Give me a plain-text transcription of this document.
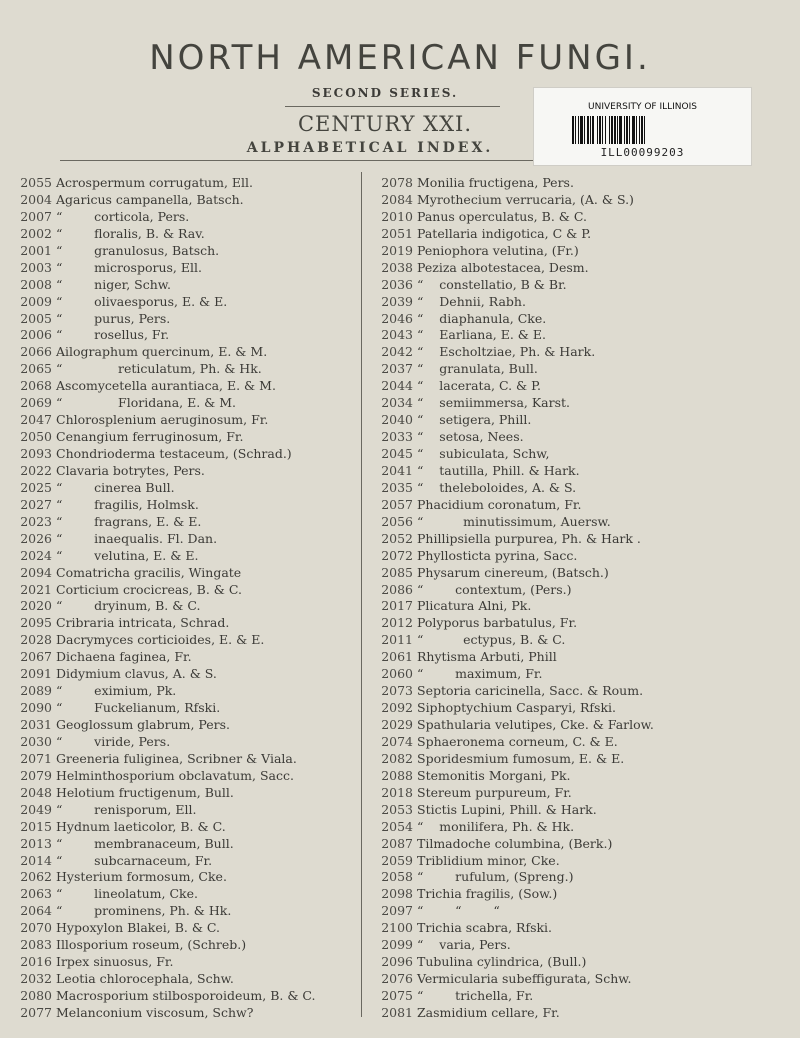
NORTH AMERICAN FUNGI.
SECOND SERIES.
CENTURY XXI.
ALPHABETICAL INDEX.
UNIVERSITY OF ILLINOIS
ILL00099203
2055 Acrospermum corrugatum, Ell.
2004 Agaricus campanella, Batsch.
2007 “        corticola, Pers.
2002 “        floralis, B. & Rav.
2001 “        granulosus, Batsch.
2003 “        microsporus, Ell.
2008 “        niger, Schw.
2009 “        olivaesporus, E. & E.
2005 “        purus, Pers.
2006 “        rosellus, Fr.
2066 Ailographum quercinum, E. & M.
2065 “              reticulatum, Ph. & Hk.
2068 Ascomycetella aurantiaca, E. & M.
2069 “              Floridana, E. & M.
2047 Chlorosplenium aeruginosum, Fr.
2050 Cenangium ferruginosum, Fr.
2093 Chondrioderma testaceum, (Schrad.)
2022 Clavaria botrytes, Pers.
2025 “        cinerea Bull.
2027 “        fragilis, Holmsk.
2023 “        fragrans, E. & E.
2026 “        inaequalis. Fl. Dan.
2024 “        velutina, E. & E.
2094 Comatricha gracilis, Wingate
2021 Corticium crocicreas, B. & C.
2020 “        dryinum, B. & C.
2095 Cribraria intricata, Schrad.
2028 Dacrymyces corticioides, E. & E.
2067 Dichaena faginea, Fr.
2091 Didymium clavus, A. & S.
2089 “        eximium, Pk.
2090 “        Fuckelianum, Rfski.
2031 Geoglossum glabrum, Pers.
2030 “        viride, Pers.
2071 Greeneria fuliginea, Scribner & Viala.
2079 Helminthosporium obclavatum, Sacc.
2048 Helotium fructigenum, Bull.
2049 “        renisporum, Ell.
2015 Hydnum laeticolor, B. & C.
2013 “        membranaceum, Bull.
2014 “        subcarnaceum, Fr.
2062 Hysterium formosum, Cke.
2063 “        lineolatum, Cke.
2064 “        prominens, Ph. & Hk.
2070 Hypoxylon Blakei, B. & C.
2083 Illosporium roseum, (Schreb.)
2016 Irpex sinuosus, Fr.
2032 Leotia chlorocephala, Schw.
2080 Macrosporium stilbosporoideum, B. & C.
2077 Melanconium viscosum, Schw?
2078 Monilia fructigena, Pers.
2084 Myrothecium verrucaria, (A. & S.)
2010 Panus operculatus, B. & C.
2051 Patellaria indigotica, C & P.
2019 Peniophora velutina, (Fr.)
2038 Peziza albotestacea, Desm.
2036 “    constellatio, B & Br.
2039 “    Dehnii, Rabh.
2046 “    diaphanula, Cke.
2043 “    Earliana, E. & E.
2042 “    Escholtziae, Ph. & Hark.
2037 “    granulata, Bull.
2044 “    lacerata, C. & P.
2034 “    semiimmersa, Karst.
2040 “    setigera, Phill.
2033 “    setosa, Nees.
2045 “    subiculata, Schw,
2041 “    tautilla, Phill. & Hark.
2035 “    theleboloides, A. & S.
2057 Phacidium coronatum, Fr.
2056 “          minutissimum, Auersw.
2052 Phillipsiella purpurea, Ph. & Hark .
2072 Phyllosticta pyrina, Sacc.
2085 Physarum cinereum, (Batsch.)
2086 “        contextum, (Pers.)
2017 Plicatura Alni, Pk.
2012 Polyporus barbatulus, Fr.
2011 “          ectypus, B. & C.
2061 Rhytisma Arbuti, Phill
2060 “        maximum, Fr.
2073 Septoria caricinella, Sacc. & Roum.
2092 Siphoptychium Casparyi, Rfski.
2029 Spathularia velutipes, Cke. & Farlow.
2074 Sphaeronema corneum, C. & E.
2082 Sporidesmium fumosum, E. & E.
2088 Stemonitis Morgani, Pk.
2018 Stereum purpureum, Fr.
2053 Stictis Lupini, Phill. & Hark.
2054 “    monilifera, Ph. & Hk.
2087 Tilmadoche columbina, (Berk.)
2059 Triblidium minor, Cke.
2058 “        rufulum, (Spreng.)
2098 Trichia fragilis, (Sow.)
2097 “        “        “
2100 Trichia scabra, Rfski.
2099 “    varia, Pers.
2096 Tubulina cylindrica, (Bull.)
2076 Vermicularia subeffigurata, Schw.
2075 “        trichella, Fr.
2081 Zasmidium cellare, Fr.
